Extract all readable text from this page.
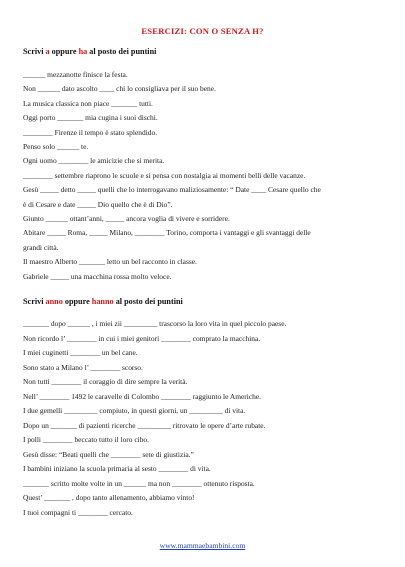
ESERCIZI: CON O SENZA H?
Scrivi a oppure ha al posto dei puntini
______ mezzanotte finisce la festa.
Non ______ dato ascolto ____ chi lo consigliava per il suo bene.
La musica classica non piace _______ tutti.
Oggi porto _______ mia cugina i suoi dischi.
________ Firenze il tempo è stato splendido.
Penso solo ______ te.
Ogni uomo ________ le amicizie che si merita.
________ settembre riaprono le scuole e si pensa con nostalgia ai momenti belli delle vacanze.
Gesù _____ detto _____ quelli che lo interrogavano maliziosamente: “ Date ____ Cesare quello che
è di Cesare e date _____ Dio quello che è di Dio”.
Giunto ______ ottant’anni, _____ ancora voglia di vivere e sorridere.
Abitare _____ Roma, _____ Milano, ________ Torino, comporta i vantaggi e gli svantaggi delle
grandi città.
Il maestro Alberto _______ letto un bel racconto in classe.
Gabriele _____ una macchina rossa molto veloce.
Scrivi anno oppure hanno al posto dei puntini
_______ dopo ______ , i miei zii _________ trascorso la loro vita in quel piccolo paese.
Non ricordo l’ ________ in cui i miei genitori ________ comprato la macchina.
I miei cuginetti ________ un bel cane.
Sono stato a Milano l’ ________ scorso.
Non tutti ________ il coraggio di dire sempre la verità.
Nell’ ________ 1492 le caravelle di Colombo ________ raggiunto le Americhe.
I due gemelli _________ compiuto, in questi giorni, un _________ di vita.
Dopo un _______ di pazienti ricerche _________ ritrovato le opere d’arte rubate.
I polli ________ beccato tutto il loro cibo.
Gesù disse: “Beati quelli che ________ sete di giustizia.”
I bambini iniziano la scuola primaria al sesto ________ di vita.
_______ scritto molte volte in un ______ ma non ________ ottenuto risposta.
Quest’ _______ , dopo tanto allenamento, abbiamo vinto!
I tuoi compagni ti ________ cercato.
www.mammaebambini.com
